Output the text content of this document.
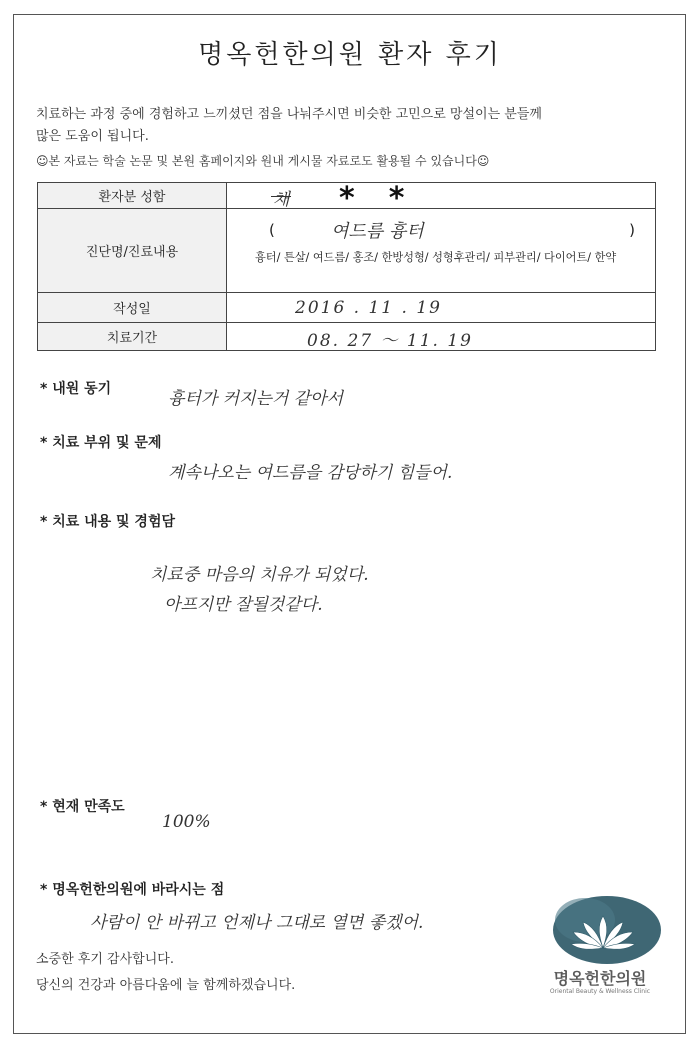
명옥헌한의원 환자 후기
치료하는 과정 중에 경험하고 느끼셨던 점을 나눠주시면 비슷한 고민으로 망설이는 분들께
많은 도움이 됩니다.
☺본 자료는 학술 논문 및 본원 홈페이지와 원내 게시물 자료로도 활용될 수 있습니다☺
환자분 성함	채 **

진단명/진료내용	( 여드름 흉터 )
흉터/ 튼살/ 여드름/ 홍조/ 한방성형/ 성형후관리/ 피부관리/ 다이어트/ 한약

작성일	2016 . 11 . 19

치료기간	08. 27 ～ 11. 19
* 내원 동기	흉터가 커지는거 같아서
* 치료 부위 및 문제
계속나오는 여드름을 감당하기 힘들어.
* 치료 내용 및 경험담
치료중 마음의 치유가 되었다.
아프지만 잘될것같다.
* 현재 만족도
100%
* 명옥헌한의원에 바라시는 점
사람이 안 바뀌고 언제나 그대로 열면 좋겠어.
소중한 후기 감사합니다.
당신의 건강과 아름다움에 늘 함께하겠습니다.	명옥헌한의원
Oriental Beauty & Wellness Clinic
